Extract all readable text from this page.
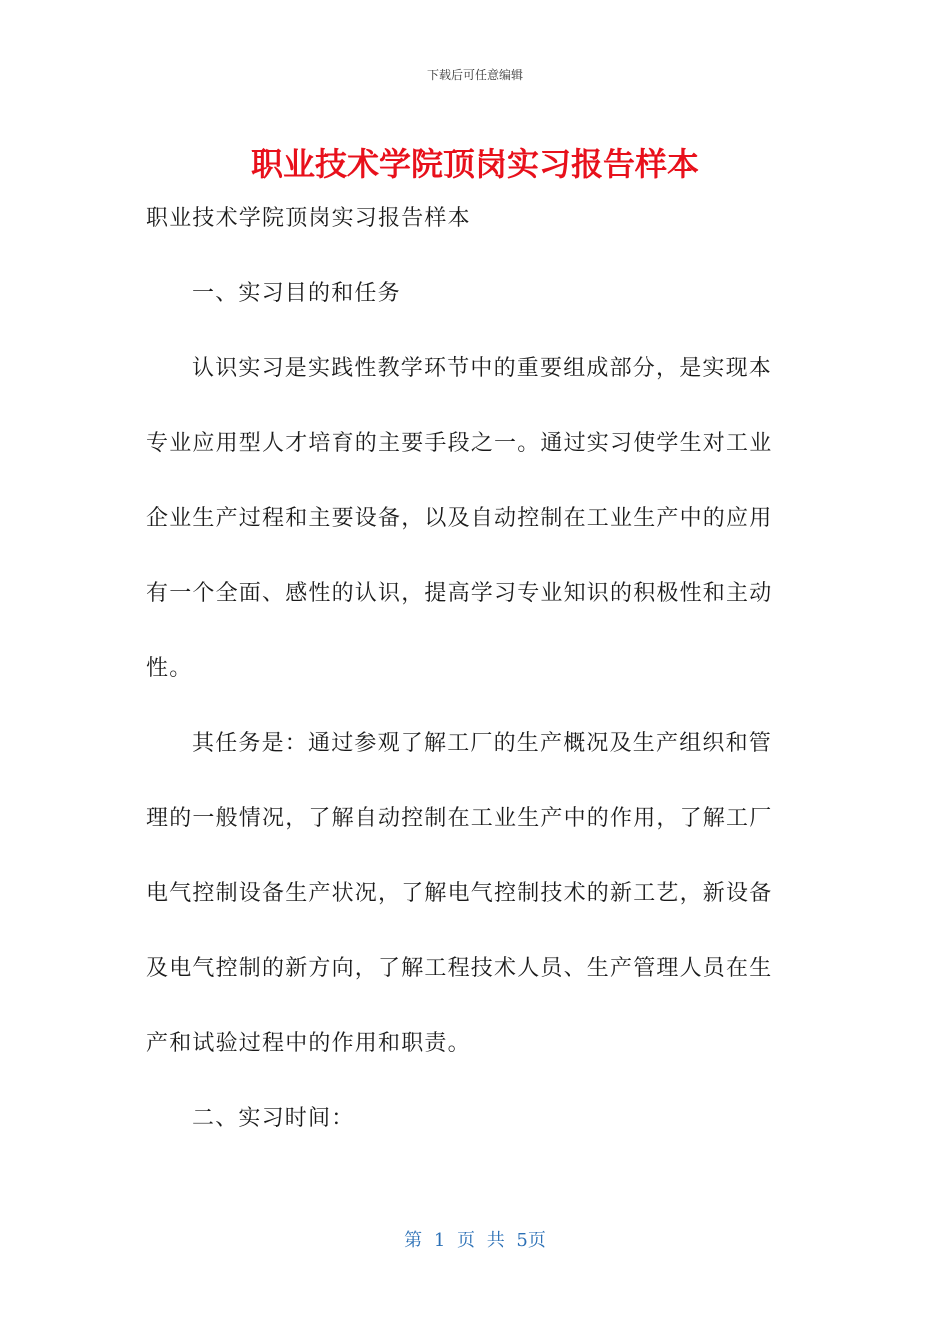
下载后可任意编辑
职业技术学院顶岗实习报告样本
职业技术学院顶岗实习报告样本
一、实习目的和任务
认识实习是实践性教学环节中的重要组成部分，是实现本
专业应用型人才培育的主要手段之一。通过实习使学生对工业
企业生产过程和主要设备，以及自动控制在工业生产中的应用
有一个全面、感性的认识，提高学习专业知识的积极性和主动
性。
其任务是：通过参观了解工厂的生产概况及生产组织和管
理的一般情况，了解自动控制在工业生产中的作用，了解工厂
电气控制设备生产状况，了解电气控制技术的新工艺，新设备
及电气控制的新方向，了解工程技术人员、生产管理人员在生
产和试验过程中的作用和职责。
二、实习时间：
第 1 页 共 5页
